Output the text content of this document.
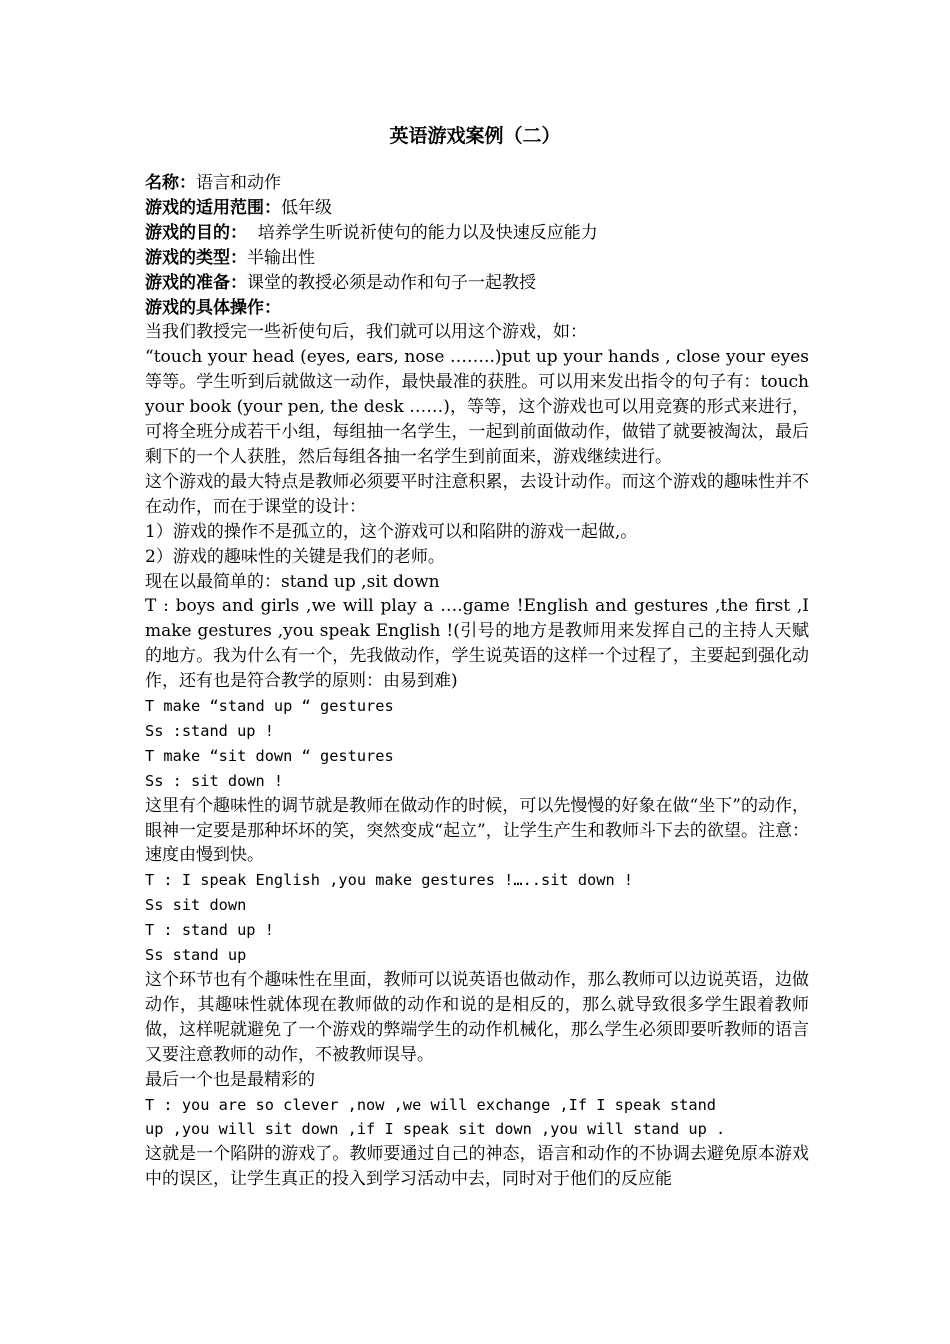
英语游戏案例（二）

名称：语言和动作

游戏的适用范围：低年级

游戏的目的：  培养学生听说祈使句的能力以及快速反应能力

游戏的类型：半输出性

游戏的准备：课堂的教授必须是动作和句子一起教授

游戏的具体操作：

当我们教授完一些祈使句后，我们就可以用这个游戏，如：

“touch your head (eyes, ears, nose ……..)put up your hands , close your eyes 等等。学生听到后就做这一动作，最快最准的获胜。可以用来发出指令的句子有：touch your book (your pen, the desk ……)，等等，这个游戏也可以用竞赛的形式来进行，可将全班分成若干小组，每组抽一名学生，一起到前面做动作，做错了就要被淘汰，最后剩下的一个人获胜，然后每组各抽一名学生到前面来，游戏继续进行。

这个游戏的最大特点是教师必须要平时注意积累，去设计动作。而这个游戏的趣味性并不在动作，而在于课堂的设计：

1）游戏的操作不是孤立的，这个游戏可以和陷阱的游戏一起做,。

2）游戏的趣味性的关键是我们的老师。

现在以最简单的：stand up ,sit down

T : boys and girls ,we will play a ….game !English and gestures ,the first ,I make gestures ,you speak English !(引号的地方是教师用来发挥自己的主持人天赋的地方。我为什么有一个，先我做动作，学生说英语的这样一个过程了，主要起到强化动作，还有也是符合教学的原则：由易到难)

T make “stand up “ gestures

Ss :stand up !

T make “sit down “ gestures

Ss : sit down !

这里有个趣味性的调节就是教师在做动作的时候，可以先慢慢的好象在做“坐下”的动作，眼神一定要是那种坏坏的笑，突然变成“起立”，让学生产生和教师斗下去的欲望。注意：速度由慢到快。

T : I speak English ,you make gestures !…..sit down !

Ss sit down

T : stand up !

Ss stand up

这个环节也有个趣味性在里面，教师可以说英语也做动作，那么教师可以边说英语，边做动作，其趣味性就体现在教师做的动作和说的是相反的，那么就导致很多学生跟着教师做，这样呢就避免了一个游戏的弊端学生的动作机械化，那么学生必须即要听教师的语言又要注意教师的动作，不被教师误导。

最后一个也是最精彩的

T : you are so clever ,now ,we will exchange ,If I speak stand

up ,you will sit down ,if I speak sit down ,you will stand up .

这就是一个陷阱的游戏了。教师要通过自己的神态，语言和动作的不协调去避免原本游戏中的误区，让学生真正的投入到学习活动中去，同时对于他们的反应能
